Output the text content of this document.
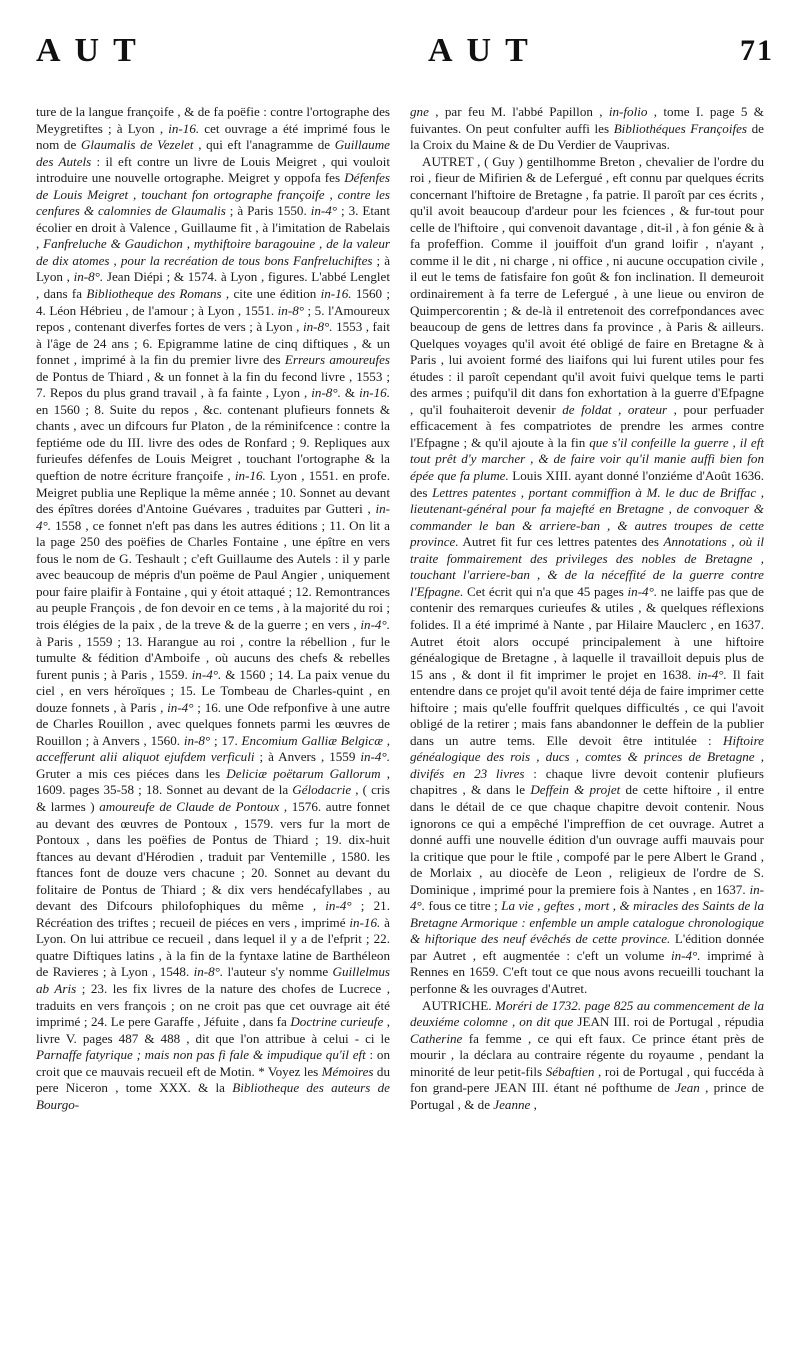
AUT	AUT	71

ture de la langue françoife , & de fa poëfie : contre l'ortographe des Meygretiftes ; à Lyon , in-16. cet ouvrage a été imprimé fous le nom de Glaumalis de Vezelet , qui eft l'anagramme de Guillaume des Autels : il eft contre un livre de Louis Meigret , qui vouloit introduire une nouvelle ortographe. Meigret y oppofa fes Défenfes de Louis Meigret , touchant fon ortographe françoife , contre les cenfures & calomnies de Glaumalis ; à Paris 1550. in-4° ; 3. Etant écolier en droit à Valence , Guillaume fit , à l'imitation de Rabelais , Fanfreluche & Gaudichon , mythiftoire baragouine , de la valeur de dix atomes , pour la recréation de tous bons Fanfreluchiftes ; à Lyon , in-8°. Jean Diépi ; & 1574. à Lyon , figures. L'abbé Lenglet , dans fa Bibliotheque des Romans , cite une édition in-16. 1560 ; 4. Léon Hébrieu , de l'amour ; à Lyon , 1551. in-8° ; 5. l'Amoureux repos , contenant diverfes fortes de vers ; à Lyon , in-8°. 1553 , fait à l'âge de 24 ans ; 6. Epigramme latine de cinq diftiques , & un fonnet , imprimé à la fin du premier livre des Erreurs amoureufes de Pontus de Thiard , & un fonnet à la fin du fecond livre , 1553 ; 7. Repos du plus grand travail , à fa fainte , Lyon , in-8°. & in-16. en 1560 ; 8. Suite du repos , &c. contenant plufieurs fonnets & chants , avec un difcours fur Platon , de la réminifcence : contre la feptiéme ode du III. livre des odes de Ronfard ; 9. Repliques aux furieufes défenfes de Louis Meigret , touchant l'ortographe & la queftion de notre écriture françoife , in-16. Lyon , 1551. en profe. Meigret publia une Replique la même année ; 10. Sonnet au devant des épîtres dorées d'Antoine Guévares , traduites par Gutteri , in-4°. 1558 , ce fonnet n'eft pas dans les autres éditions ; 11. On lit a la page 250 des poëfies de Charles Fontaine , une épître en vers fous le nom de G. Teshault ; c'eft Guillaume des Autels : il y parle avec beaucoup de mépris d'un poëme de Paul Angier , uniquement pour faire plaifir à Fontaine , qui y étoit attaqué ; 12. Remontrances au peuple François , de fon devoir en ce tems , à la majorité du roi ; trois élégies de la paix , de la treve & de la guerre ; en vers , in-4°. à Paris , 1559 ; 13. Harangue au roi , contre la rébellion , fur le tumulte & fédition d'Amboife , où aucuns des chefs & rebelles furent punis ; à Paris , 1559. in-4°. & 1560 ; 14. La paix venue du ciel , en vers héroïques ; 15. Le Tombeau de Charles-quint , en douze fonnets , à Paris , in-4° ; 16. une Ode refponfive à une autre de Charles Rouillon , avec quelques fonnets parmi les œuvres de Rouillon ; à Anvers , 1560. in-8° ; 17. Encomium Galliæ Belgicæ , accefferunt alii aliquot ejufdem verficuli ; à Anvers , 1559 in-4°. Gruter a mis ces piéces dans les Deliciæ poëtarum Gallorum , 1609. pages 35-58 ; 18. Sonnet au devant de la Gélodacrie , ( cris & larmes ) amoureufe de Claude de Pontoux , 1576. autre fonnet au devant des œuvres de Pontoux , 1579. vers fur la mort de Pontoux , dans les poëfies de Pontus de Thiard ; 19. dix-huit ftances au devant d'Hérodien , traduit par Ventemille , 1580. les ftances font de douze vers chacune ; 20. Sonnet au devant du folitaire de Pontus de Thiard ; & dix vers hendécafyllabes , au devant des Difcours philofophiques du même , in-4° ; 21. Récréation des triftes ; recueil de piéces en vers , imprimé in-16. à Lyon. On lui attribue ce recueil , dans lequel il y a de l'efprit ; 22. quatre Diftiques latins , à la fin de la fyntaxe latine de Barthéleon de Ravieres ; à Lyon , 1548. in-8°. l'auteur s'y nomme Guillelmus ab Aris ; 23. les fix livres de la nature des chofes de Lucrece , traduits en vers françois ; on ne croit pas que cet ouvrage ait été imprimé ; 24. Le pere Garaffe , Jéfuite , dans fa Doctrine curieufe , livre V. pages 487 & 488 , dit que l'on attribue à celui - ci le Parnaffe fatyrique ; mais non pas fi fale & impudique qu'il eft : on croit que ce mauvais recueil eft de Motin. * Voyez les Mémoires du pere Niceron , tome XXX. & la Bibliotheque des auteurs de Bourgo-

gne , par feu M. l'abbé Papillon , in-folio , tome I. page 5 & fuivantes. On peut confulter auffi les Bibliothéques Françoifes de la Croix du Maine & de Du Verdier de Vauprivas.

AUTRET , ( Guy ) gentilhomme Breton , chevalier de l'ordre du roi , fieur de Mifirien & de Lefergué , eft connu par quelques écrits concernant l'hiftoire de Bretagne , fa patrie. Il paroît par ces écrits , qu'il avoit beaucoup d'ardeur pour les fciences , & fur-tout pour celle de l'hiftoire , qui convenoit davantage , dit-il , à fon génie & à fa profeffion. Comme il jouiffoit d'un grand loifir , n'ayant , comme il le dit , ni charge , ni office , ni aucune occupation civile , il eut le tems de fatisfaire fon goût & fon inclination. Il demeuroit ordinairement à fa terre de Lefergué , à une lieue ou environ de Quimpercorentin ; & de-là il entretenoit des correfpondances avec beaucoup de gens de lettres dans fa province , à Paris & ailleurs. Quelques voyages qu'il avoit été obligé de faire en Bretagne & à Paris , lui avoient formé des liaifons qui lui furent utiles pour fes études : il paroît cependant qu'il avoit fuivi quelque tems le parti des armes ; puifqu'il dit dans fon exhortation à la guerre d'Efpagne , qu'il fouhaiteroit devenir de foldat , orateur , pour perfuader efficacement à fes compatriotes de prendre les armes contre l'Efpagne ; & qu'il ajoute à la fin que s'il confeille la guerre , il eft tout prêt d'y marcher , & de faire voir qu'il manie auffi bien fon épée que fa plume. Louis XIII. ayant donné l'onziéme d'Août 1636. des Lettres patentes , portant commiffion à M. le duc de Briffac , lieutenant-général pour fa majefté en Bretagne , de convoquer & commander le ban & arriere-ban , & autres troupes de cette province. Autret fit fur ces lettres patentes des Annotations , où il traite fommairement des privileges des nobles de Bretagne , touchant l'arriere-ban , & de la néceffité de la guerre contre l'Efpagne. Cet écrit qui n'a que 45 pages in-4°. ne laiffe pas que de contenir des remarques curieufes & utiles , & quelques réflexions folides. Il a été imprimé à Nante , par Hilaire Mauclerc , en 1637. Autret étoit alors occupé principalement à une hiftoire généalogique de Bretagne , à laquelle il travailloit depuis plus de 15 ans , & dont il fit imprimer le projet en 1638. in-4°. Il fait entendre dans ce projet qu'il avoit tenté déja de faire imprimer cette hiftoire ; mais qu'elle fouffrit quelques difficultés , ce qui l'avoit obligé de la retirer ; mais fans abandonner le deffein de la publier dans un autre tems. Elle devoit être intitulée : Hiftoire généalogique des rois , ducs , comtes & princes de Bretagne , divifés en 23 livres : chaque livre devoit contenir plufieurs chapitres , & dans le Deffein & projet de cette hiftoire , il entre dans le détail de ce que chaque chapitre devoit contenir. Nous ignorons ce qui a empêché l'impreffion de cet ouvrage. Autret a donné auffi une nouvelle édition d'un ouvrage auffi mauvais pour la critique que pour le ftile , compofé par le pere Albert le Grand , de Morlaix , au diocèfe de Leon , religieux de l'ordre de S. Dominique , imprimé pour la premiere fois à Nantes , en 1637. in-4°. fous ce titre ; La vie , geftes , mort , & miracles des Saints de la Bretagne Armorique : enfemble un ample catalogue chronologique & hiftorique des neuf évêchés de cette province. L'édition donnée par Autret , eft augmentée : c'eft un volume in-4°. imprimé à Rennes en 1659. C'eft tout ce que nous avons recueilli touchant la perfonne & les ouvrages d'Autret.

AUTRICHE. Moréri de 1732. page 825 au commencement de la deuxiéme colomne , on dit que JEAN III. roi de Portugal , répudia Catherine fa femme , ce qui eft faux. Ce prince étant près de mourir , la déclara au contraire régente du royaume , pendant la minorité de leur petit-fils Sébaftien , roi de Portugal , qui fuccéda à fon grand-pere JEAN III. étant né pofthume de Jean , prince de Portugal , & de Jeanne ,
